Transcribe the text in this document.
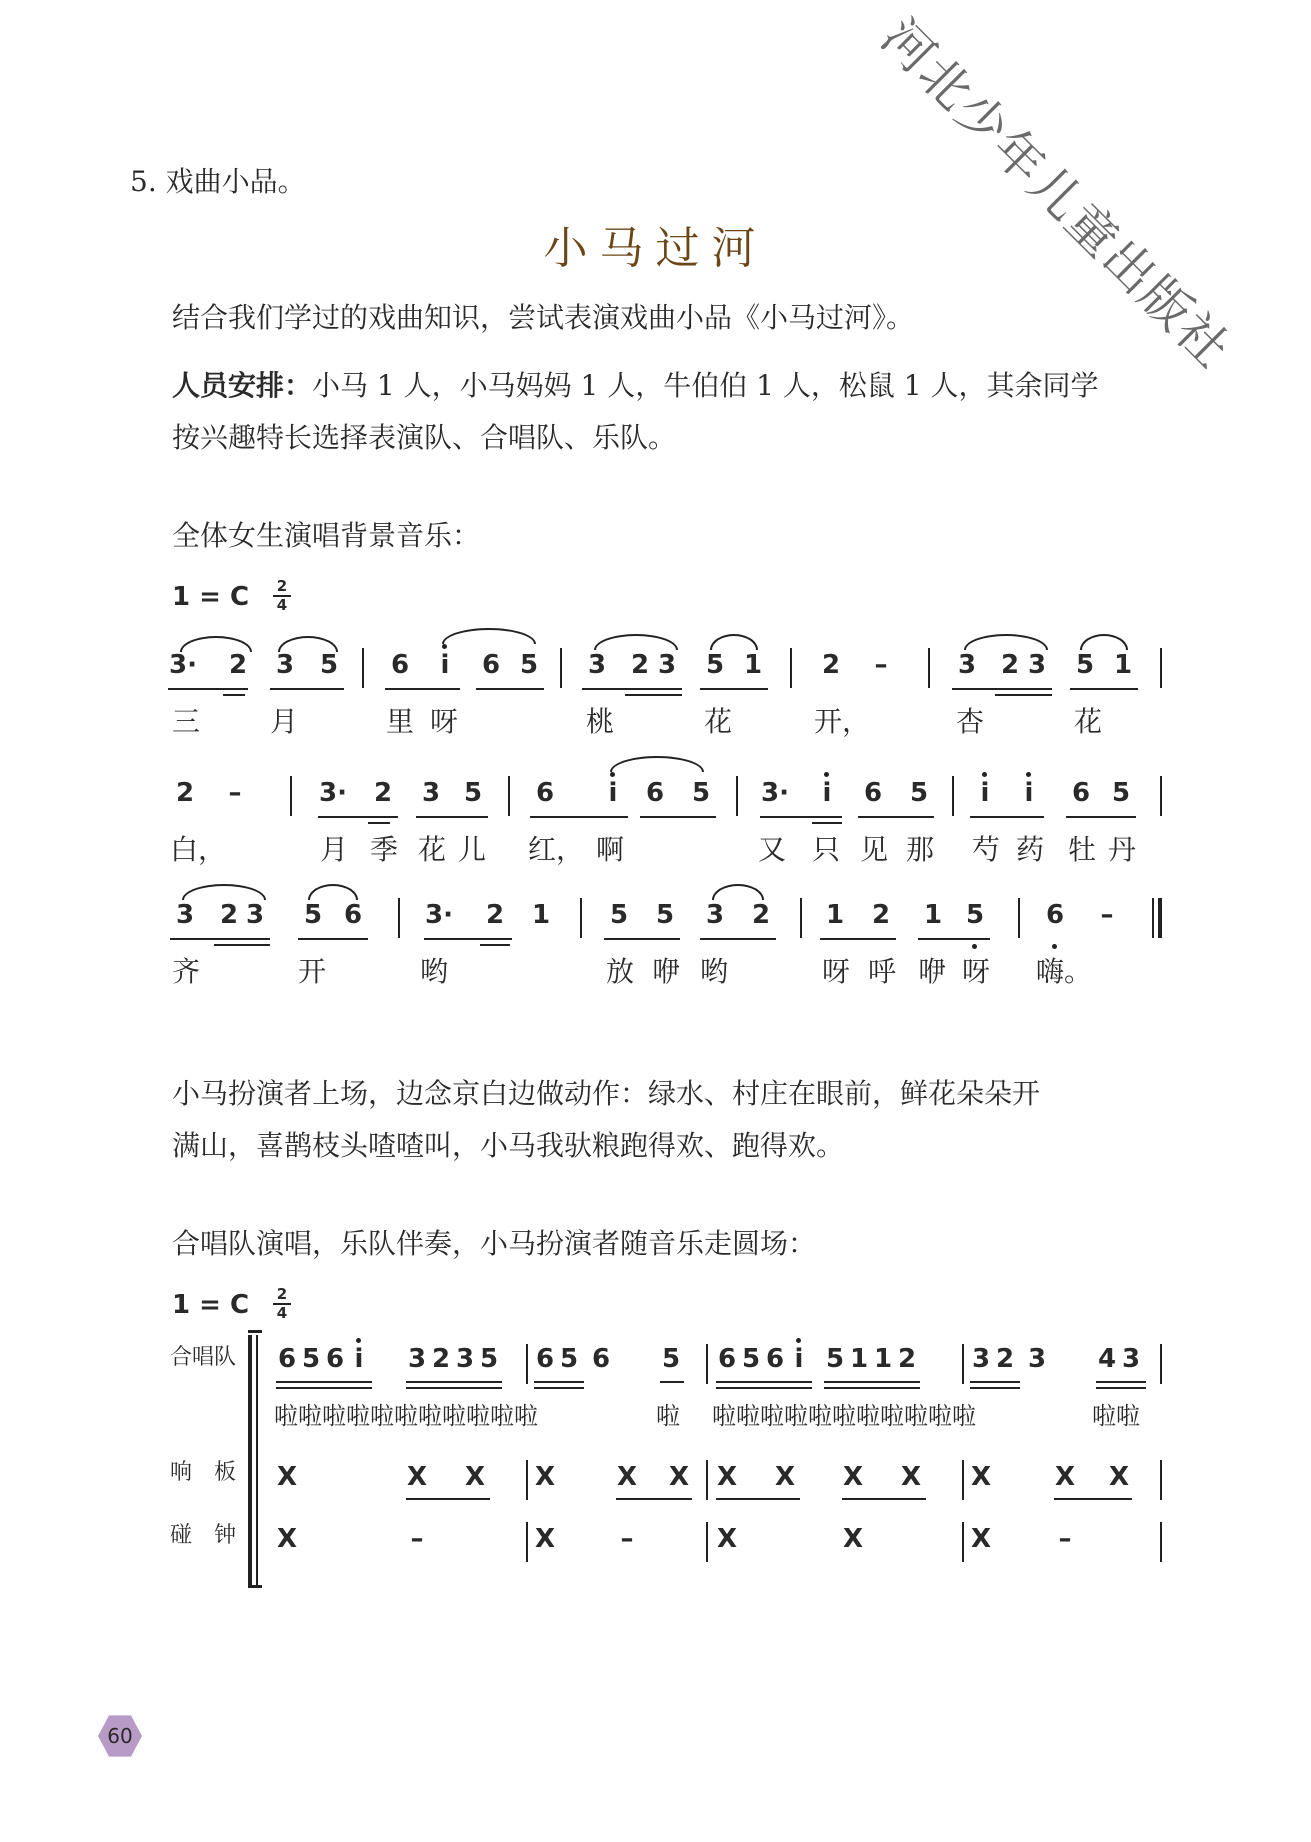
河北少年儿童出版社
5. 戏曲小品。
小马过河
结合我们学过的戏曲知识，尝试表演戏曲小品《小马过河》。
人员安排：小马 1 人，小马妈妈 1 人，牛伯伯 1 人，松鼠 1 人，其余同学
按兴趣特长选择表演队、合唱队、乐队。
全体女生演唱背景音乐：
1 = C 2
4
3· 2 3 5 6	i	6 5 3 2 3 5 1 2	–	3 2 3 5 1
三 月	里 呀	桃	花	开，	杏	花
2	–	3· 2 3 5 6	i	6 5 3·	i	6 5	i	i	6 5
白，	月 季 花 儿 红， 啊	又 只 见 那 芍 药 牡 丹
3 2 3 5 6 3· 2 1 5 5 3 2 1 2 1 5 6	–
齐	开	哟	放 咿 哟	呀 呼 咿 呀 嗨。
小马扮演者上场，边念京白边做动作：绿水、村庄在眼前，鲜花朵朵开
满山，喜鹊枝头喳喳叫，小马我驮粮跑得欢、跑得欢。
合唱队演唱，乐队伴奏，小马扮演者随音乐走圆场：
1 = C 2
4
合唱队
响　板
碰　钟
6 5 6 i	3 2 3 5 6 5 6 5 6 5 6 i 5 1 1 2 3 2 3 4 3
啦啦啦啦啦啦啦啦啦啦啦	啦 啦啦啦啦啦啦啦啦啦啦啦	啦啦
X	X X X X X X X X X X X X
X	–	X	–	X	X	X	–
60
